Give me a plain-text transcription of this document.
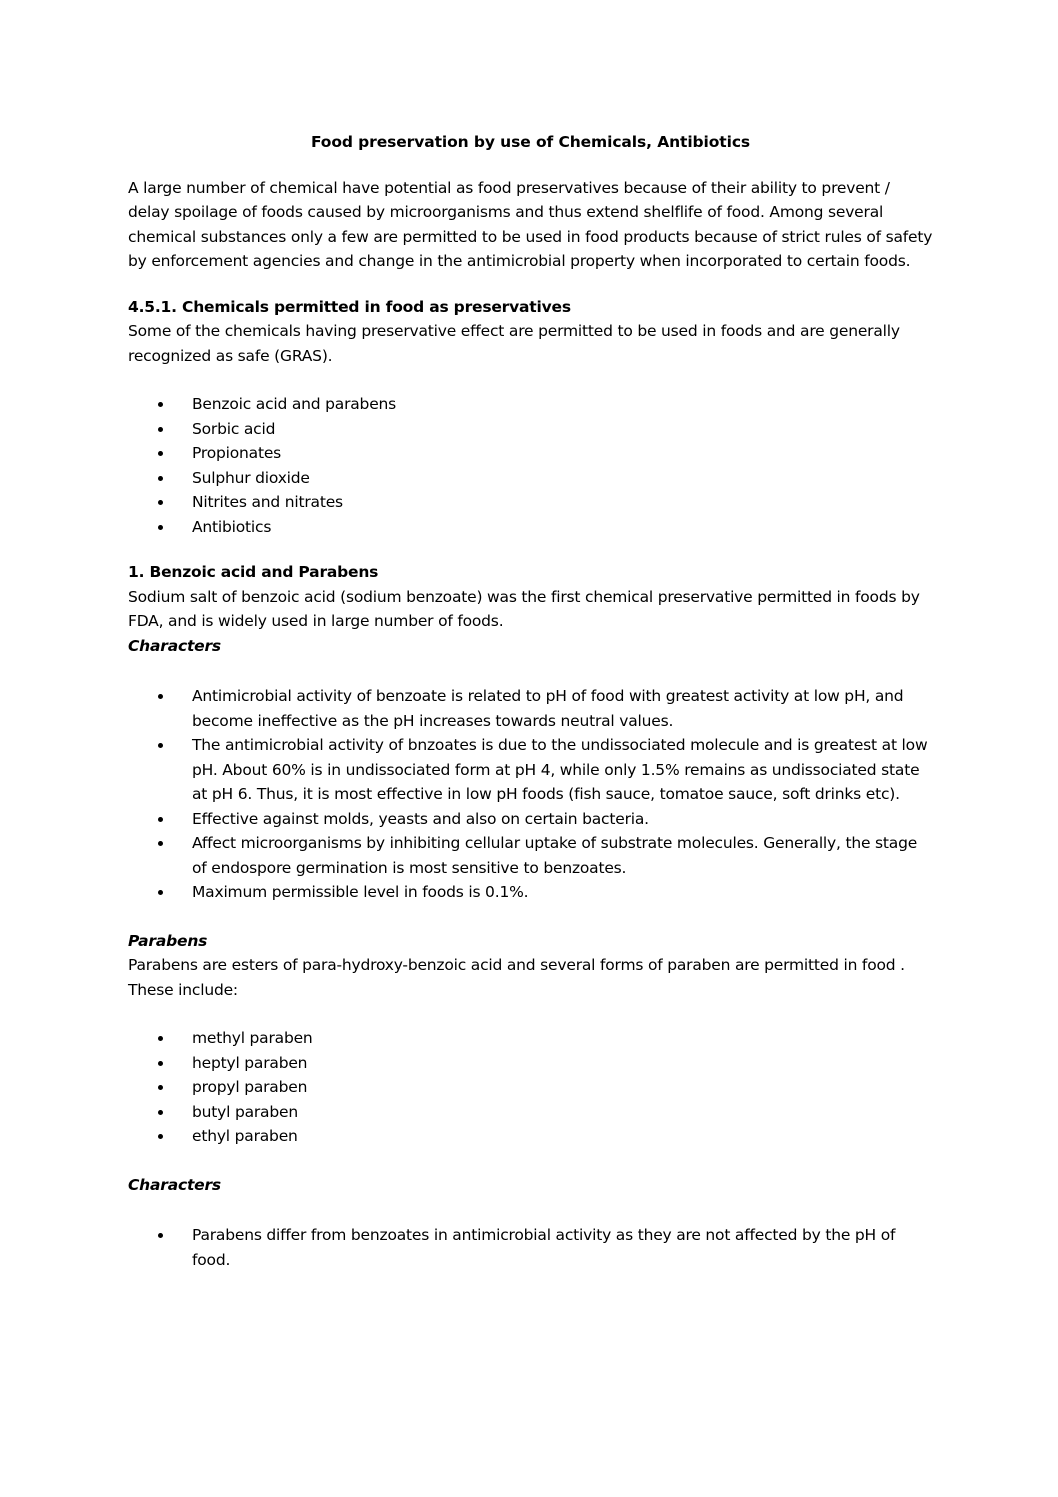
Food preservation by use of Chemicals, Antibiotics

A large number of chemical have potential as food preservatives because of their ability to prevent / delay spoilage of foods caused by microorganisms and thus extend shelflife of food. Among several chemical substances only a few are permitted to be used in food products because of strict rules of safety by enforcement agencies and change in the antimicrobial property when incorporated to certain foods.

4.5.1. Chemicals permitted in food as preservatives

Some of the chemicals having preservative effect are permitted to be used in foods and are generally recognized as safe (GRAS).

Benzoic acid and parabens
Sorbic acid
Propionates
Sulphur dioxide
Nitrites and nitrates
Antibiotics

1. Benzoic acid and Parabens

Sodium salt of benzoic acid (sodium benzoate) was the first chemical preservative permitted in foods by FDA, and is widely used in large number of foods.

Characters

Antimicrobial activity of benzoate is related to pH of food with greatest activity at low pH, and become ineffective as the pH increases towards neutral values.
The antimicrobial activity of bnzoates is due to the undissociated molecule and is greatest at low pH. About 60% is in undissociated form at pH 4, while only 1.5% remains as undissociated state at pH 6. Thus, it is most effective in low pH foods (fish sauce, tomatoe sauce, soft drinks etc).
Effective against molds, yeasts and also on certain bacteria.
Affect microorganisms by inhibiting cellular uptake of substrate molecules. Generally, the stage of endospore germination is most sensitive to benzoates.
Maximum permissible level in foods is 0.1%.

Parabens

Parabens are esters of para-hydroxy-benzoic acid and several forms of paraben are permitted in food . These include:

methyl paraben
heptyl paraben
propyl paraben
butyl paraben
ethyl paraben

Characters

Parabens differ from benzoates in antimicrobial activity as they are not affected by the pH of food.
